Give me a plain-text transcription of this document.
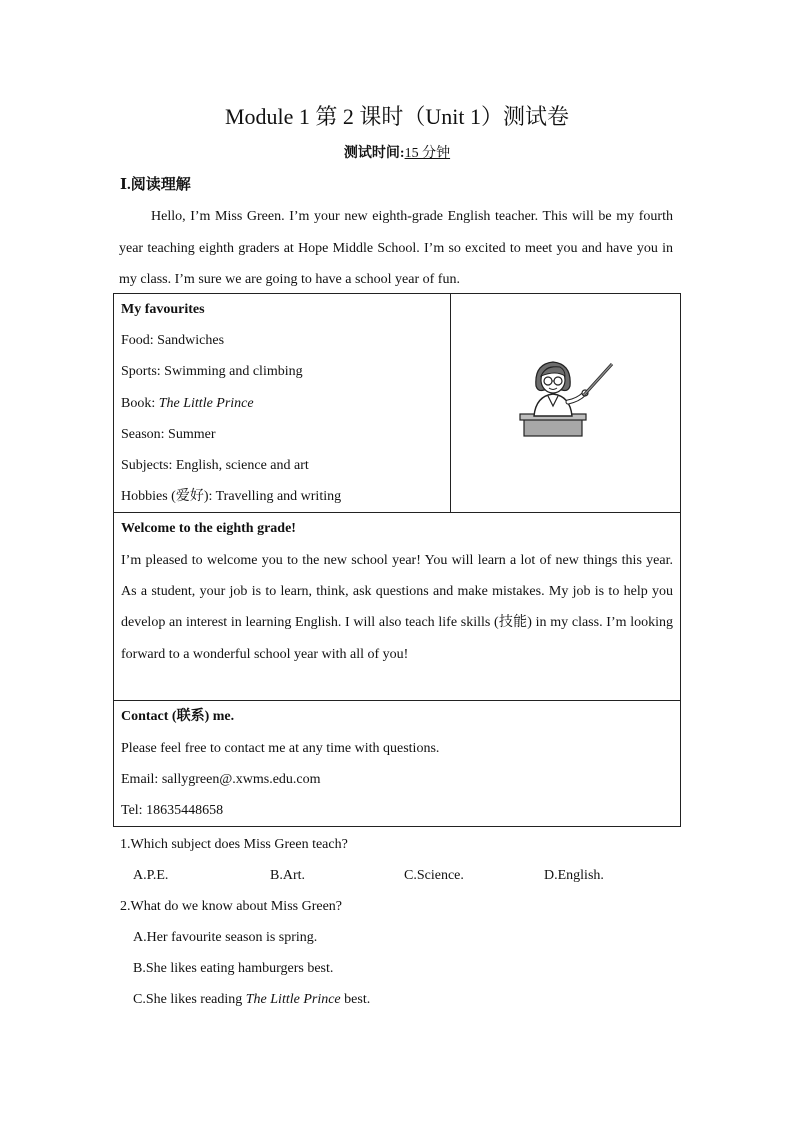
Module 1 第 2 课时（Unit 1）测试卷
测试时间:15 分钟
Ⅰ.阅读理解
Hello, I’m Miss Green. I’m your new eighth-grade English teacher. This will be my fourth year teaching eighth graders at Hope Middle School. I’m so excited to meet you and have you in my class. I’m sure we are going to have a school year of fun.
My favourites
Food: Sandwiches
Sports: Swimming and climbing
Book: The Little Prince
Season: Summer
Subjects: English, science and art
Hobbies (爱好): Travelling and writing

Welcome to the eighth grade!
I’m pleased to welcome you to the new school year! You will learn a lot of new things this year. As a student, your job is to learn, think, ask questions and make mistakes. My job is to help you develop an interest in learning English. I will also teach life skills (技能) in my class. I’m looking forward to a wonderful school year with all of you!

Contact (联系) me.
Please feel free to contact me at any time with questions.
Email: sallygreen@.xwms.edu.com
Tel: 18635448658
1.Which subject does Miss Green teach?
A.P.E.	B.Art.	C.Science.	D.English.
2.What do we know about Miss Green?
A.Her favourite season is spring.
B.She likes eating hamburgers best.
C.She likes reading The Little Prince best.
